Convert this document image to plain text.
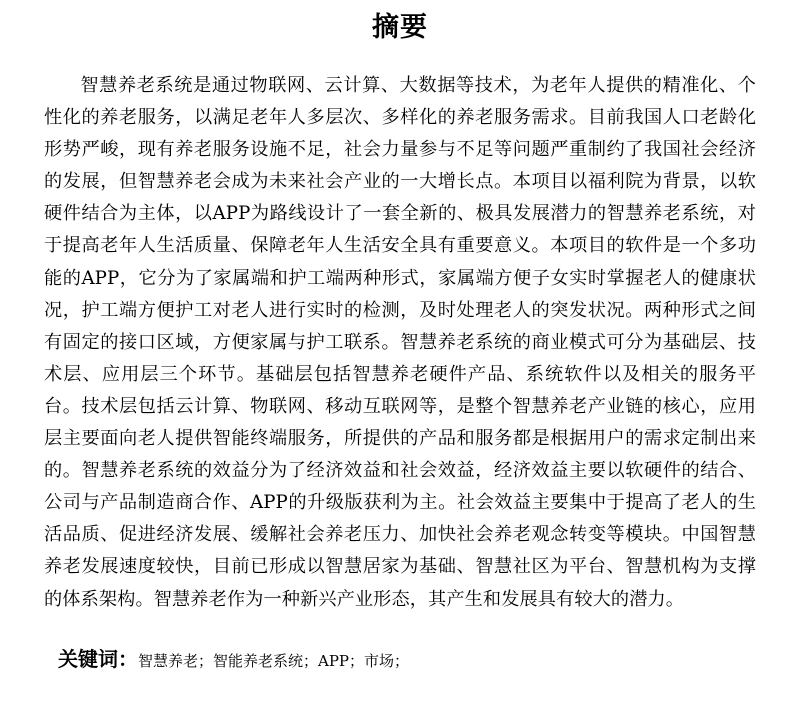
摘要

智慧养老系统是通过物联网、云计算、大数据等技术，为老年人提供的精准化、个性化的养老服务，以满足老年人多层次、多样化的养老服务需求。目前我国人口老龄化形势严峻，现有养老服务设施不足，社会力量参与不足等问题严重制约了我国社会经济的发展，但智慧养老会成为未来社会产业的一大增长点。本项目以福利院为背景，以软硬件结合为主体，以APP为路线设计了一套全新的、极具发展潜力的智慧养老系统，对于提高老年人生活质量、保障老年人生活安全具有重要意义。本项目的软件是一个多功能的APP，它分为了家属端和护工端两种形式，家属端方便子女实时掌握老人的健康状况，护工端方便护工对老人进行实时的检测，及时处理老人的突发状况。两种形式之间有固定的接口区域，方便家属与护工联系。智慧养老系统的商业模式可分为基础层、技术层、应用层三个环节。基础层包括智慧养老硬件产品、系统软件以及相关的服务平台。技术层包括云计算、物联网、移动互联网等，是整个智慧养老产业链的核心，应用层主要面向老人提供智能终端服务，所提供的产品和服务都是根据用户的需求定制出来的。智慧养老系统的效益分为了经济效益和社会效益，经济效益主要以软硬件的结合、公司与产品制造商合作、APP的升级版获利为主。社会效益主要集中于提高了老人的生活品质、促进经济发展、缓解社会养老压力、加快社会养老观念转变等模块。中国智慧养老发展速度较快，目前已形成以智慧居家为基础、智慧社区为平台、智慧机构为支撑的体系架构。智慧养老作为一种新兴产业形态，其产生和发展具有较大的潜力。

关键词：智慧养老；智能养老系统；APP；市场；
